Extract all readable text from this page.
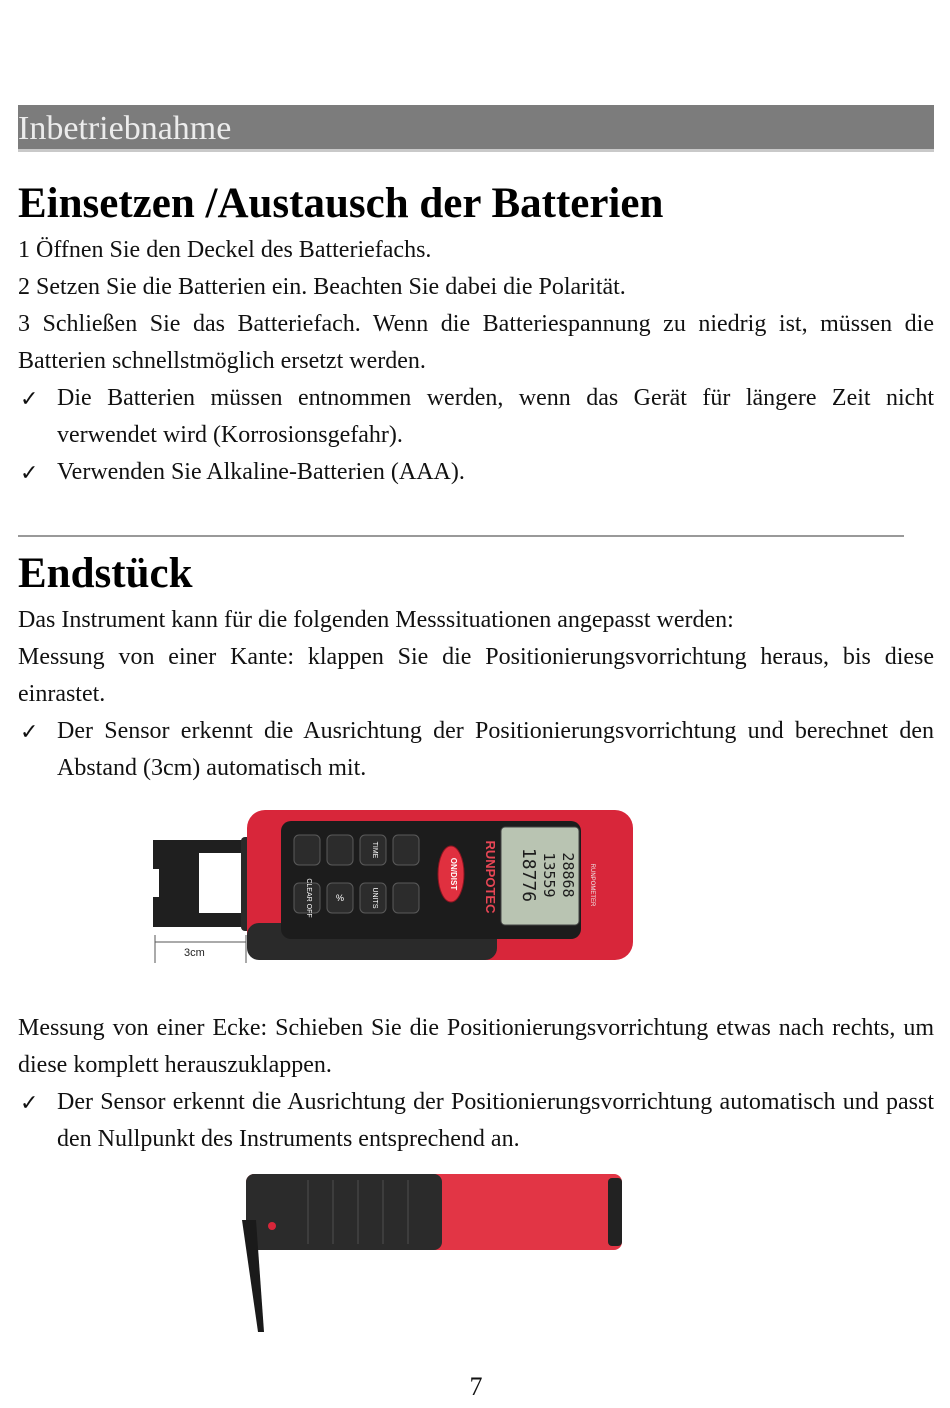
Inbetriebnahme
Einsetzen /Austausch der Batterien

1 Öffnen Sie den Deckel des Batteriefachs.

2 Setzen Sie die Batterien ein. Beachten Sie dabei die Polarität.

3 Schließen Sie das Batteriefach. Wenn die Batteriespannung zu niedrig ist, müssen die Batterien schnellstmöglich ersetzt werden.

✓ Die Batterien müssen entnommen werden, wenn das Gerät für längere Zeit nicht verwendet wird (Korrosionsgefahr).
✓ Verwenden Sie Alkaline-Batterien (AAA).
Endstück

Das Instrument kann für die folgenden Messsituationen angepasst werden:

Messung von einer Kante: klappen Sie die Positionierungsvorrichtung heraus, bis diese einrastet.

✓ Der Sensor erkennt die Ausrichtung der Positionierungsvorrichtung und berechnet den Abstand (3cm) automatisch mit.
3cm
TIME
UNITS
CLEAR OFF	%
ON/DIST RUNPOTEC	28868
13559
18776	RUNPOMETER

Messung von einer Ecke: Schieben Sie die Positionierungsvorrichtung etwas nach rechts, um diese komplett herauszuklappen.

✓ Der Sensor erkennt die Ausrichtung der Positionierungsvorrichtung automatisch und passt den Nullpunkt des Instruments entsprechend an.
7
